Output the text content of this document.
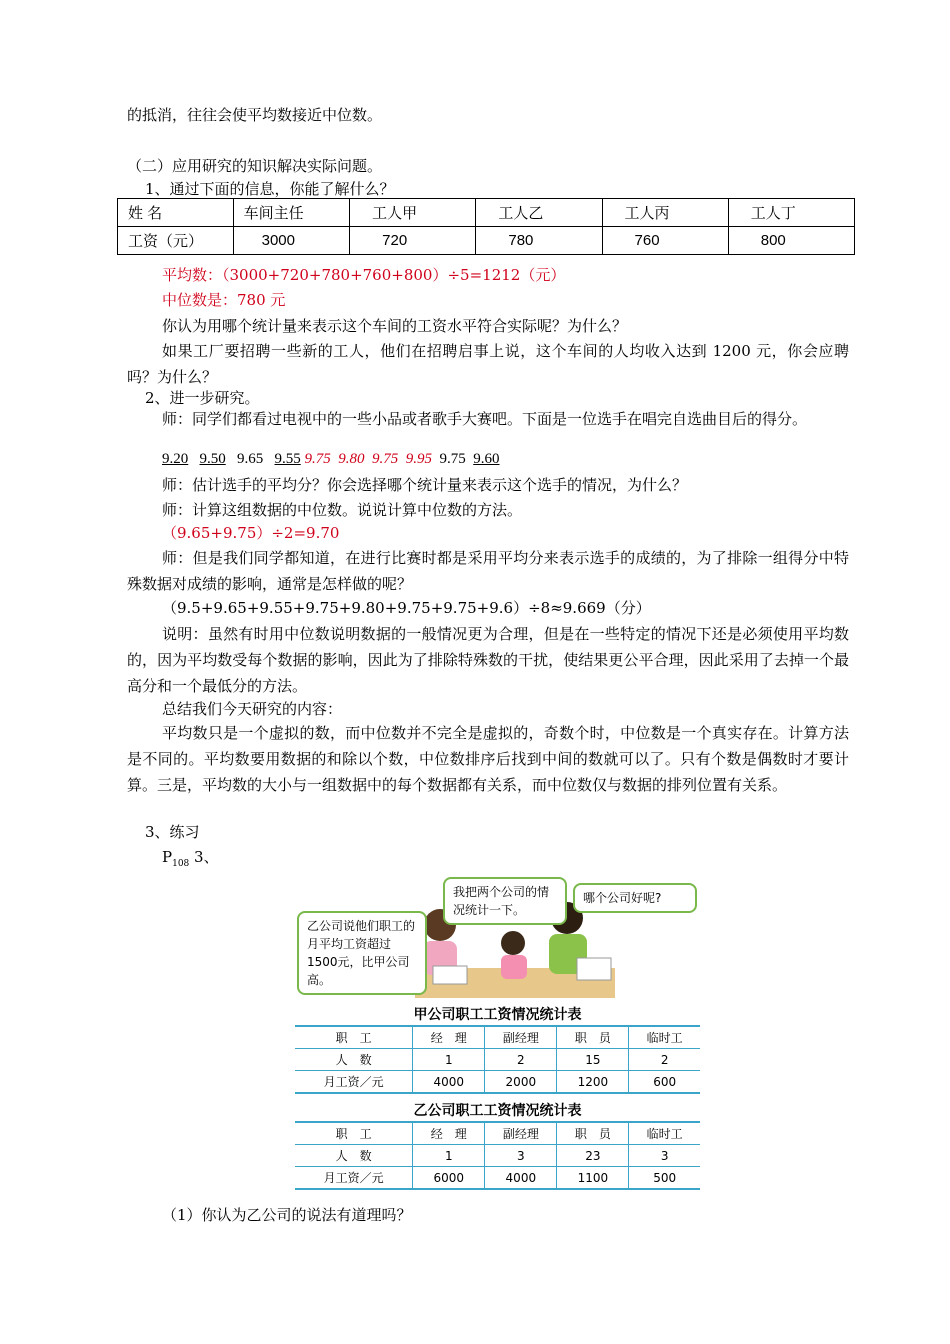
的抵消，往往会使平均数接近中位数。
（二）应用研究的知识解决实际问题。
1、通过下面的信息，你能了解什么？
姓 名	车间主任	工人甲	工人乙	工人丙	工人丁
工资（元）	3000	720	780	760	800
平均数：（3000+720+780+760+800）÷5=1212（元）
中位数是：780 元
你认为用哪个统计量来表示这个车间的工资水平符合实际呢？为什么？
如果工厂要招聘一些新的工人，他们在招聘启事上说，这个车间的人均收入达到 1200 元，你会应聘吗？为什么？
2、进一步研究。
师：同学们都看过电视中的一些小品或者歌手大赛吧。下面是一位选手在唱完自选曲目后的得分。
9.20 9.50 9.65 9.55 9.75 9.80 9.75 9.95 9.75 9.60
师：估计选手的平均分？你会选择哪个统计量来表示这个选手的情况，为什么？
师：计算这组数据的中位数。说说计算中位数的方法。
（9.65+9.75）÷2=9.70
师：但是我们同学都知道，在进行比赛时都是采用平均分来表示选手的成绩的，为了排除一组得分中特殊数据对成绩的影响，通常是怎样做的呢？
（9.5+9.65+9.55+9.75+9.80+9.75+9.75+9.6）÷8≈9.669（分）
说明：虽然有时用中位数说明数据的一般情况更为合理，但是在一些特定的情况下还是必须使用平均数的，因为平均数受每个数据的影响，因此为了排除特殊数的干扰，使结果更公平合理，因此采用了去掉一个最高分和一个最低分的方法。
总结我们今天研究的内容：
平均数只是一个虚拟的数，而中位数并不完全是虚拟的，奇数个时，中位数是一个真实存在。计算方法是不同的。平均数要用数据的和除以个数，中位数排序后找到中间的数就可以了。只有个数是偶数时才要计算。三是，平均数的大小与一组数据中的每个数据都有关系，而中位数仅与数据的排列位置有关系。
3、练习
$P_{108}$ 3、
乙公司说他们职工的月平均工资超过1500元，比甲公司高。
我把两个公司的情况统计一下。
哪个公司好呢?
甲公司职工工资情况统计表
职　工	经　理	副经理	职　员	临时工
人　数	1	2	15	2
月工资／元	4000	2000	1200	600
乙公司职工工资情况统计表
职　工	经　理	副经理	职　员	临时工
人　数	1	3	23	3
月工资／元	6000	4000	1100	500
（1）你认为乙公司的说法有道理吗？
